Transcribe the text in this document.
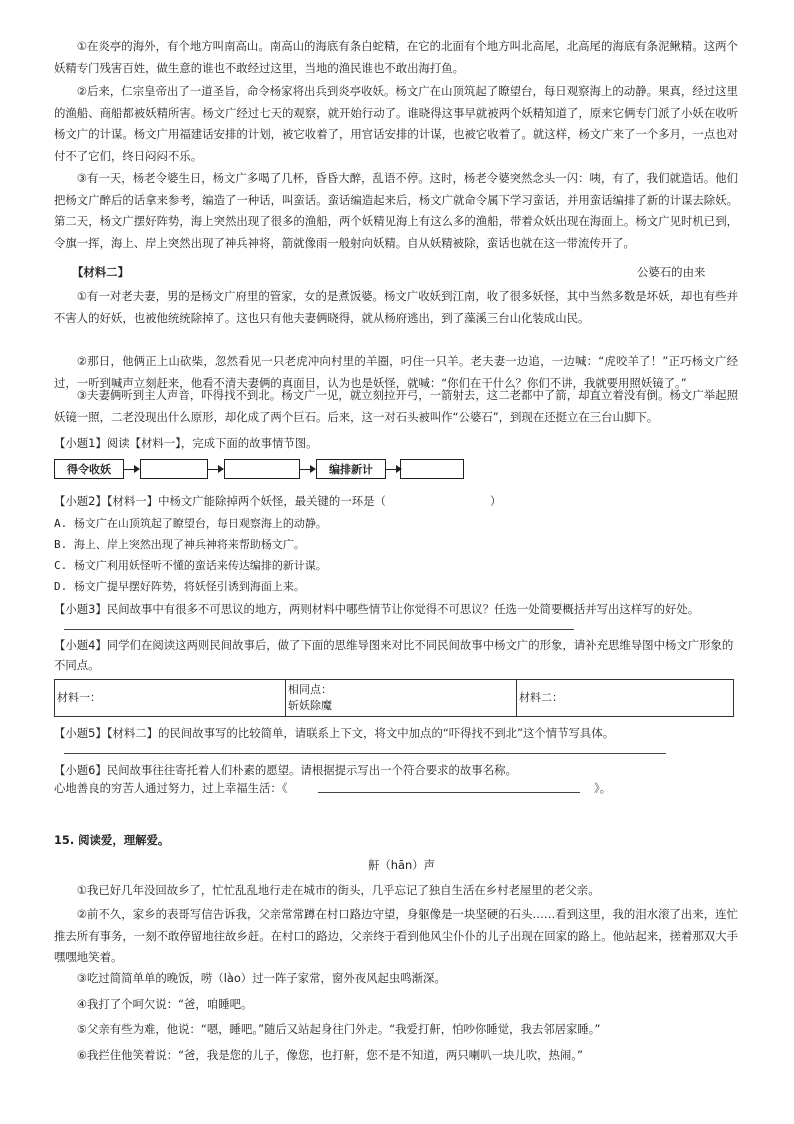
①在炎亭的海外，有个地方叫南高山。南高山的海底有条白蛇精，在它的北面有个地方叫北高尾，北高尾的海底有条泥鳅精。这两个妖精专门残害百姓，做生意的谁也不敢经过这里，当地的渔民谁也不敢出海打鱼。

②后来，仁宗皇帝出了一道圣旨，命令杨家将出兵到炎亭收妖。杨文广在山顶筑起了瞭望台，每日观察海上的动静。果真，经过这里的渔船、商船都被妖精所害。杨文广经过七天的观察，就开始行动了。谁晓得这事早就被两个妖精知道了，原来它俩专门派了小妖在收听杨文广的计谋。杨文广用福建话安排的计划，被它收着了，用官话安排的计谋，也被它收着了。就这样，杨文广来了一个多月，一点也对付不了它们，终日闷闷不乐。

③有一天，杨老令婆生日，杨文广多喝了几杯，昏昏大醉，乱语不停。这时，杨老令婆突然念头一闪：咦，有了，我们就造话。他们把杨文广醉后的话拿来参考，编造了一种话，叫蛮话。蛮话编造起来后，杨文广就命令属下学习蛮话，并用蛮话编排了新的计谋去除妖。第二天，杨文广摆好阵势，海上突然出现了很多的渔船，两个妖精见海上有这么多的渔船，带着众妖出现在海面上。杨文广见时机已到，令旗一挥，海上、岸上突然出现了神兵神将，箭就像雨一般射向妖精。自从妖精被除，蛮话也就在这一带流传开了。

【材料二】	公婆石的由来

①有一对老夫妻，男的是杨文广府里的管家，女的是煮饭婆。杨文广收妖到江南，收了很多妖怪，其中当然多数是坏妖，却也有些并不害人的好妖，也被他统统除掉了。这也只有他夫妻俩晓得，就从杨府逃出，到了藻溪三台山化装成山民。

②那日，他俩正上山砍柴，忽然看见一只老虎冲向村里的羊圈，叼住一只羊。老夫妻一边追，一边喊：“虎咬羊了！”正巧杨文广经过，一听到喊声立刻赶来，他看不清夫妻俩的真面目，认为也是妖怪，就喊：“你们在干什么？你们不讲，我就要用照妖镜了。”

③夫妻俩听到主人声音，吓得找不到北。杨文广一见，就立刻拉开弓，一箭射去，这二老都中了箭，却直立着没有倒。杨文广举起照妖镜一照，二老没现出什么原形，却化成了两个巨石。后来，这一对石头被叫作“公婆石”，到现在还挺立在三台山脚下。

【小题1】阅读【材料一】，完成下面的故事情节图。

得令收妖	编排新计

【小题2】【材料一】中杨文广能除掉两个妖怪，最关键的一环是（	）

A. 杨文广在山顶筑起了瞭望台，每日观察海上的动静。

B. 海上、岸上突然出现了神兵神将来帮助杨文广。

C. 杨文广利用妖怪听不懂的蛮话来传达编排的新计谋。

D. 杨文广提早摆好阵势，将妖怪引诱到海面上来。

【小题3】民间故事中有很多不可思议的地方，两则材料中哪些情节让你觉得不可思议？任选一处简要概括并写出这样写的好处。

【小题4】同学们在阅读这两则民间故事后，做了下面的思维导图来对比不同民间故事中杨文广的形象，请补充思维导图中杨文广形象的不同点。

材料一：	
相同点：
斩妖除魔
	材料二：

【小题5】【材料二】的民间故事写的比较简单，请联系上下文，将文中加点的“吓得找不到北”这个情节写具体。

【小题6】民间故事往往寄托着人们朴素的愿望。请根据提示写出一个符合要求的故事名称。

心地善良的穷苦人通过努力，过上幸福生活：《	》。

15. 阅读爱，理解爱。

鼾（hān）声

①我已好几年没回故乡了，忙忙乱乱地行走在城市的街头，几乎忘记了独自生活在乡村老屋里的老父亲。

②前不久，家乡的表哥写信告诉我，父亲常常蹲在村口路边守望，身躯像是一块坚硬的石头……看到这里，我的泪水滚了出来，连忙推去所有事务，一刻不敢停留地往故乡赶。在村口的路边，父亲终于看到他风尘仆仆的儿子出现在回家的路上。他站起来，搓着那双大手嘿嘿地笑着。

③吃过简简单单的晚饭，唠（lào）过一阵子家常，窗外夜风起虫鸣渐深。

④我打了个呵欠说：“爸，咱睡吧。

⑤父亲有些为难，他说：“嗯，睡吧。”随后又站起身往门外走。“我爱打鼾，怕吵你睡觉，我去邻居家睡。”

⑥我拦住他笑着说：“爸，我是您的儿子，像您，也打鼾，您不是不知道，两只喇叭一块儿吹，热闹。”
